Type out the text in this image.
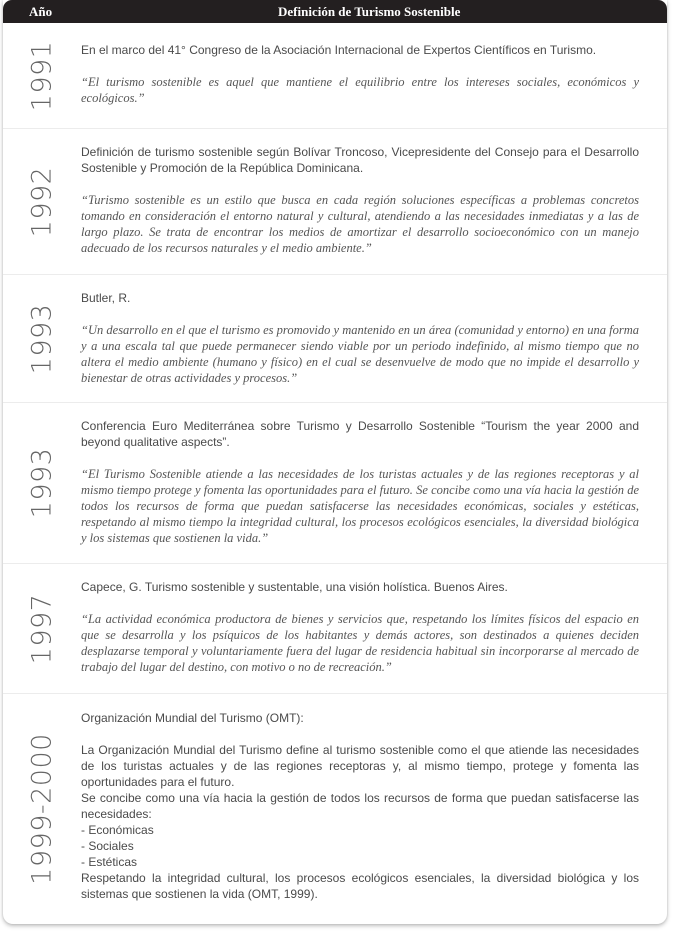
Año	Definición de Turismo Sostenible
1991 En el marco del 41° Congreso de la Asociación Internacional de Expertos Científicos en Turismo.

“El turismo sostenible es aquel que mantiene el equilibrio entre los intereses sociales, económicos y ecológicos.”

1992

Definición de turismo sostenible según Bolívar Troncoso, Vicepresidente del Consejo para el Desarrollo Sostenible y Promoción de la República Dominicana.

“Turismo sostenible es un estilo que busca en cada región soluciones específicas a problemas concretos tomando en consideración el entorno natural y cultural, atendiendo a las necesidades inmediatas y a las de largo plazo. Se trata de encontrar los medios de amortizar el desarrollo socioeconómico con un manejo adecuado de los recursos naturales y el medio ambiente.”

1993

Butler, R.

“Un desarrollo en el que el turismo es promovido y mantenido en un área (comunidad y entorno) en una forma y a una escala tal que puede permanecer siendo viable por un periodo indefinido, al mismo tiempo que no altera el medio ambiente (humano y físico) en el cual se desenvuelve de modo que no impide el desarrollo y bienestar de otras actividades y procesos.”

1993

Conferencia Euro Mediterránea sobre Turismo y Desarrollo Sostenible “Tourism the year 2000 and beyond qualitative aspects”.

“El Turismo Sostenible atiende a las necesidades de los turistas actuales y de las regiones receptoras y al mismo tiempo protege y fomenta las oportunidades para el futuro. Se concibe como una vía hacia la gestión de todos los recursos de forma que puedan satisfacerse las necesidades económicas, sociales y estéticas, respetando al mismo tiempo la integridad cultural, los procesos ecológicos esenciales, la diversidad biológica y los sistemas que sostienen la vida.”

1997

Capece, G. Turismo sostenible y sustentable, una visión holística. Buenos Aires.

“La actividad económica productora de bienes y servicios que, respetando los límites físicos del espacio en que se desarrolla y los psíquicos de los habitantes y demás actores, son destinados a quienes deciden desplazarse temporal y voluntariamente fuera del lugar de residencia habitual sin incorporarse al mercado de trabajo del lugar del destino, con motivo o no de recreación.”

1999-2000

Organización Mundial del Turismo (OMT):

La Organización Mundial del Turismo define al turismo sostenible como el que atiende las necesidades de los turistas actuales y de las regiones receptoras y, al mismo tiempo, protege y fomenta las oportunidades para el futuro.

Se concibe como una vía hacia la gestión de todos los recursos de forma que puedan satisfacerse las necesidades:

- Económicas

- Sociales

- Estéticas

Respetando la integridad cultural, los procesos ecológicos esenciales, la diversidad biológica y los sistemas que sostienen la vida (OMT, 1999).
